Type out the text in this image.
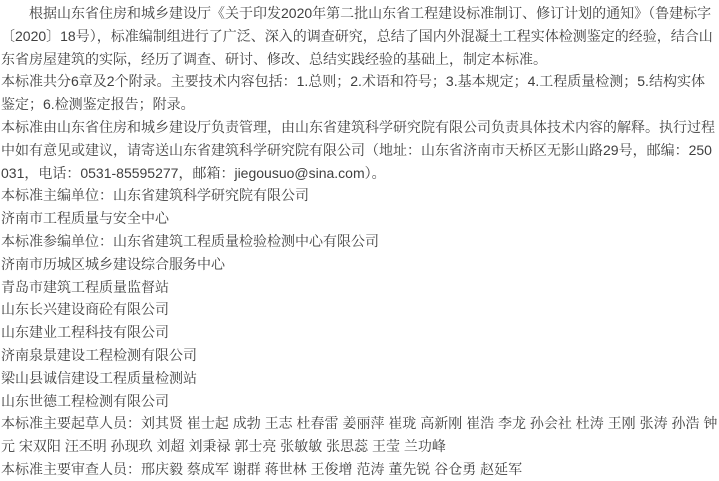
根据山东省住房和城乡建设厅《关于印发2020年第二批山东省工程建设标准制订、修订计划的通知》（鲁建标字〔2020〕18号），标准编制组进行了广泛、深入的调查研究，总结了国内外混凝土工程实体检测鉴定的经验，结合山东省房屋建筑的实际，经历了调查、研讨、修改、总结实践经验的基础上，制定本标准。

本标准共分6章及2个附录。主要技术内容包括：1.总则；2.术语和符号；3.基本规定；4.工程质量检测；5.结构实体鉴定；6.检测鉴定报告；附录。

本标准由山东省住房和城乡建设厅负责管理，由山东省建筑科学研究院有限公司负责具体技术内容的解释。执行过程中如有意见或建议，请寄送山东省建筑科学研究院有限公司（地址：山东省济南市天桥区无影山路29号，邮编：250031，电话：0531-85595277，邮箱：jiegousuo@sina.com）。

本标准主编单位：山东省建筑科学研究院有限公司

济南市工程质量与安全中心

本标准参编单位：山东省建筑工程质量检验检测中心有限公司

济南市历城区城乡建设综合服务中心

青岛市建筑工程质量监督站

山东长兴建设商砼有限公司

山东建业工程科技有限公司

济南泉景建设工程检测有限公司

梁山县诚信建设工程质量检测站

山东世德工程检测有限公司

本标准主要起草人员：刘其贤 崔士起 成勃 王志 杜春雷 姜丽萍 崔珑 高新刚 崔浩 李龙 孙会社 杜涛 王刚 张涛 孙浩 钟元 宋双阳 汪丕明 孙现玖 刘超 刘秉禄 郭士亮 张敏敏 张思蕊 王莹 兰功峰

本标准主要审查人员：邢庆毅 蔡成军 谢群 蒋世林 王俊增 范涛 董先锐 谷仓勇 赵延军
